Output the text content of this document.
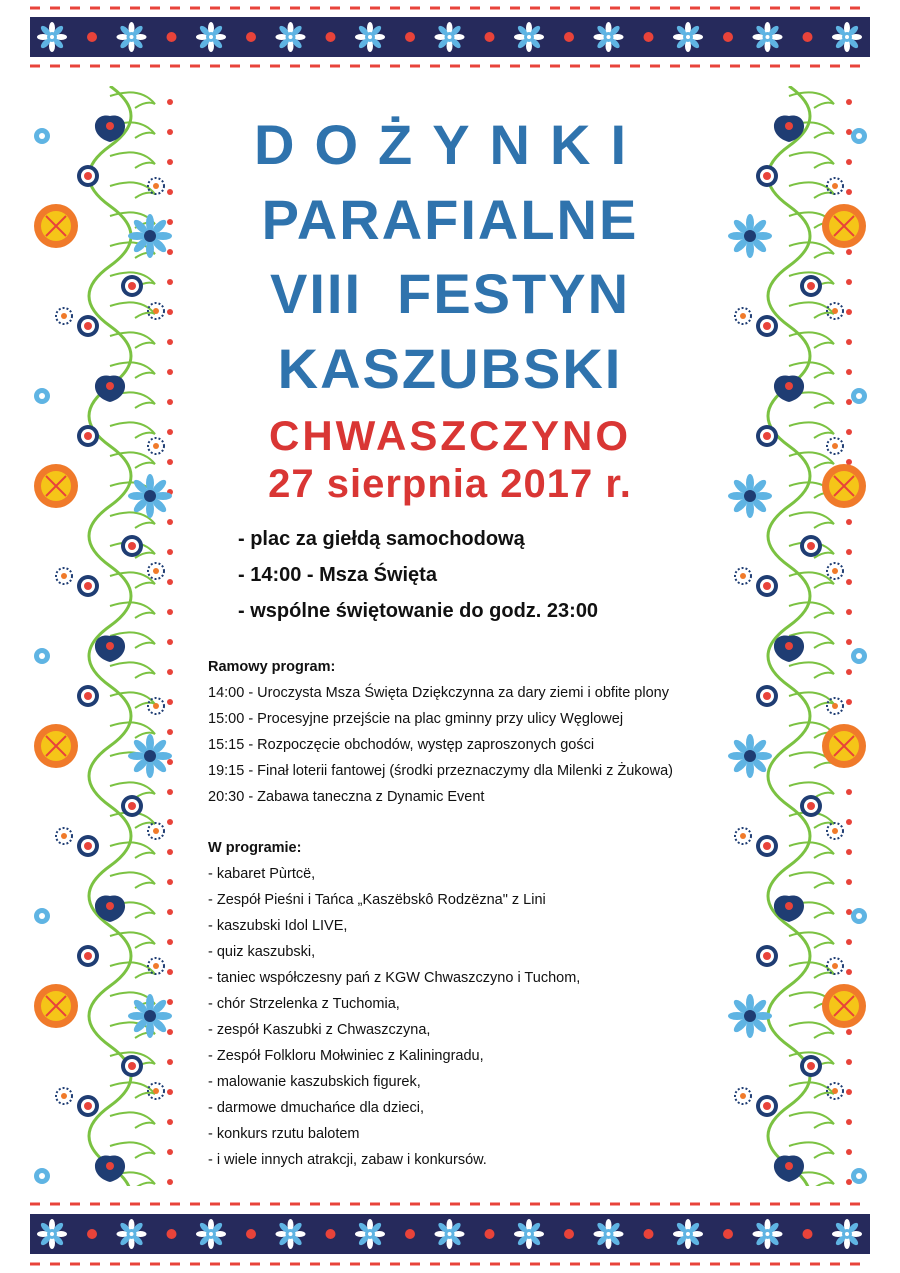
DOŻYNKI
PARAFIALNE
VIII  FESTYN
KASZUBSKI
CHWASZCZYNO
27 sierpnia 2017 r.
- plac za giełdą samochodową
- 14:00 - Msza Święta
- wspólne świętowanie do godz. 23:00
Ramowy program:
14:00 - Uroczysta Msza Święta Dziękczynna za dary ziemi i obfite plony
15:00 - Procesyjne przejście na plac gminny przy ulicy Węglowej
15:15 - Rozpoczęcie obchodów, występ zaproszonych gości
19:15 - Finał loterii fantowej (środki przeznaczymy dla Milenki z Żukowa)
20:30 - Zabawa taneczna z Dynamic Event
W programie:
- kabaret Pùrtcë,
- Zespół Pieśni i Tańca „Kaszëbskô Rodzëzna" z Lini
- kaszubski Idol LIVE,
- quiz kaszubski,
- taniec współczesny pań z KGW Chwaszczyno i Tuchom,
- chór Strzelenka z Tuchomia,
- zespół Kaszubki z Chwaszczyna,
- Zespół Folkloru Mołwiniec z Kaliningradu,
- malowanie kaszubskich figurek,
- darmowe dmuchańce dla dzieci,
- konkurs rzutu balotem
- i wiele innych atrakcji, zabaw i konkursów.
